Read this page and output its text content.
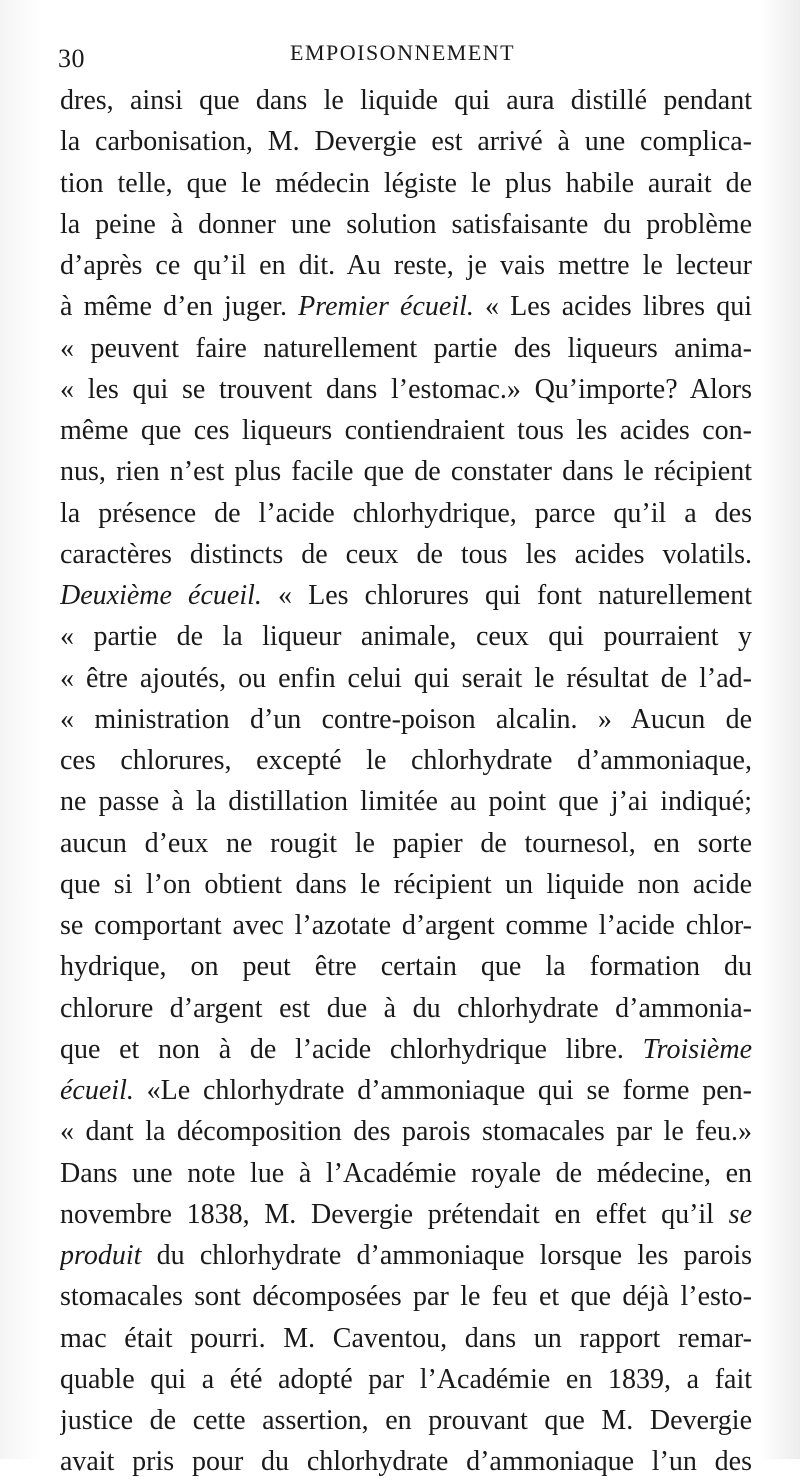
30	EMPOISONNEMENT
dres, ainsi que dans le liquide qui aura distillé pendant
la carbonisation, M. Devergie est arrivé à une complica-
tion telle, que le médecin légiste le plus habile aurait de
la peine à donner une solution satisfaisante du problème
d’après ce qu’il en dit. Au reste, je vais mettre le lecteur
à même d’en juger. Premier écueil. « Les acides libres qui
« peuvent faire naturellement partie des liqueurs anima-
« les qui se trouvent dans l’estomac.» Qu’importe? Alors
même que ces liqueurs contiendraient tous les acides con-
nus, rien n’est plus facile que de constater dans le récipient
la présence de l’acide chlorhydrique, parce qu’il a des
caractères distincts de ceux de tous les acides volatils.
Deuxième écueil. « Les chlorures qui font naturellement
« partie de la liqueur animale, ceux qui pourraient y
« être ajoutés, ou enfin celui qui serait le résultat de l’ad-
« ministration d’un contre-poison alcalin. » Aucun de
ces chlorures, excepté le chlorhydrate d’ammoniaque,
ne passe à la distillation limitée au point que j’ai indiqué;
aucun d’eux ne rougit le papier de tournesol, en sorte
que si l’on obtient dans le récipient un liquide non acide
se comportant avec l’azotate d’argent comme l’acide chlor-
hydrique, on peut être certain que la formation du
chlorure d’argent est due à du chlorhydrate d’ammonia-
que et non à de l’acide chlorhydrique libre. Troisième
écueil. «Le chlorhydrate d’ammoniaque qui se forme pen-
« dant la décomposition des parois stomacales par le feu.»
Dans une note lue à l’Académie royale de médecine, en
novembre 1838, M. Devergie prétendait en effet qu’il se
produit du chlorhydrate d’ammoniaque lorsque les parois
stomacales sont décomposées par le feu et que déjà l’esto-
mac était pourri. M. Caventou, dans un rapport remar-
quable qui a été adopté par l’Académie en 1839, a fait
justice de cette assertion, en prouvant que M. Devergie
avait pris pour du chlorhydrate d’ammoniaque l’un des
